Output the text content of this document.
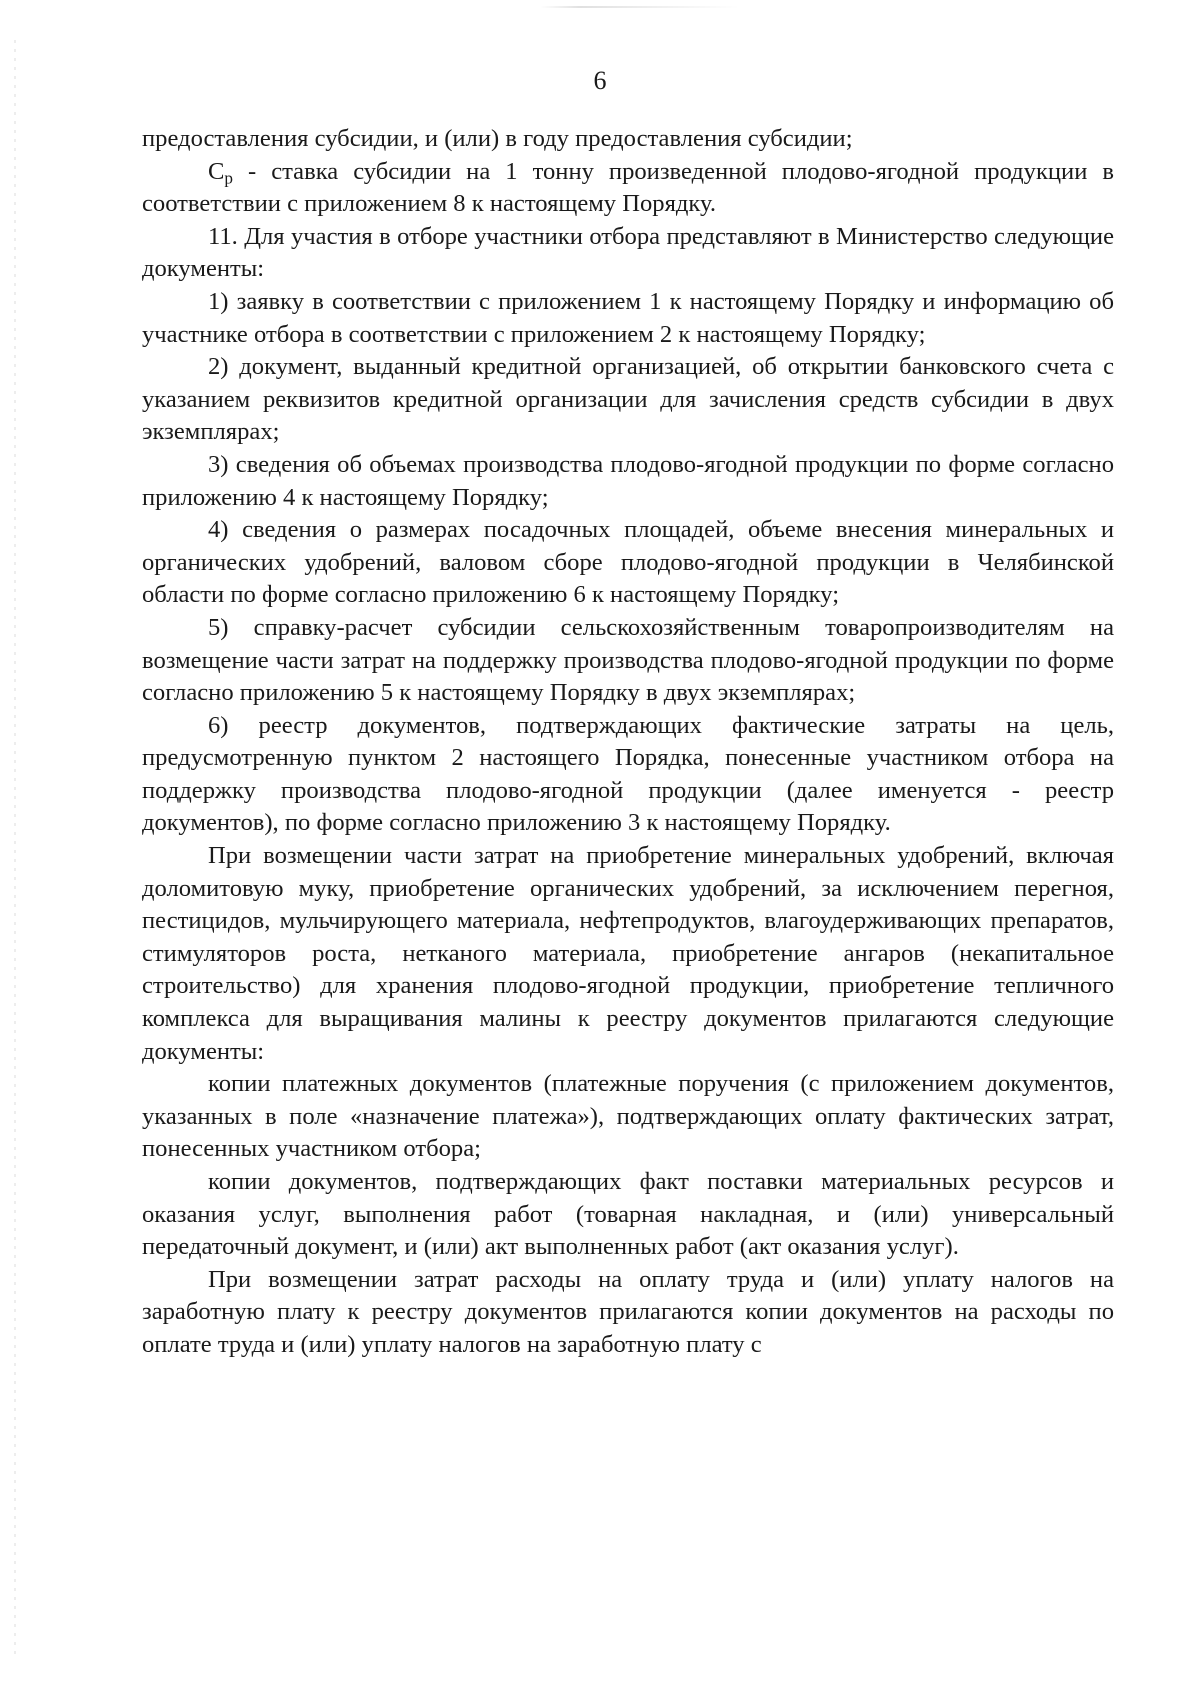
6

предоставления субсидии, и (или) в году предоставления субсидии;

$С_р$ - ставка субсидии на 1 тонну произведенной плодово-ягодной продукции в соответствии с приложением 8 к настоящему Порядку.

11. Для участия в отборе участники отбора представляют в Министерство следующие документы:

1) заявку в соответствии с приложением 1 к настоящему Порядку и информацию об участнике отбора в соответствии с приложением 2 к настоящему Порядку;

2) документ, выданный кредитной организацией, об открытии банковского счета с указанием реквизитов кредитной организации для зачисления средств субсидии в двух экземплярах;

3) сведения об объемах производства плодово-ягодной продукции по форме согласно приложению 4 к настоящему Порядку;

4) сведения о размерах посадочных площадей, объеме внесения минеральных и органических удобрений, валовом сборе плодово-ягодной продукции в Челябинской области по форме согласно приложению 6 к настоящему Порядку;

5) справку-расчет субсидии сельскохозяйственным товаропроизводителям на возмещение части затрат на поддержку производства плодово-ягодной продукции по форме согласно приложению 5 к настоящему Порядку в двух экземплярах;

6) реестр документов, подтверждающих фактические затраты на цель, предусмотренную пунктом 2 настоящего Порядка, понесенные участником отбора на поддержку производства плодово-ягодной продукции (далее именуется - реестр документов), по форме согласно приложению 3 к настоящему Порядку.

При возмещении части затрат на приобретение минеральных удобрений, включая доломитовую муку, приобретение органических удобрений, за исключением перегноя, пестицидов, мульчирующего материала, нефтепродуктов, влагоудерживающих препаратов, стимуляторов роста, нетканого материала, приобретение ангаров (некапитальное строительство) для хранения плодово-ягодной продукции, приобретение тепличного комплекса для выращивания малины к реестру документов прилагаются следующие документы:

копии платежных документов (платежные поручения (с приложением документов, указанных в поле «назначение платежа»), подтверждающих оплату фактических затрат, понесенных участником отбора;

копии документов, подтверждающих факт поставки материальных ресурсов и оказания услуг, выполнения работ (товарная накладная, и (или) универсальный передаточный документ, и (или) акт выполненных работ (акт оказания услуг).

При возмещении затрат расходы на оплату труда и (или) уплату налогов на заработную плату к реестру документов прилагаются копии документов на расходы по оплате труда и (или) уплату налогов на заработную плату с
